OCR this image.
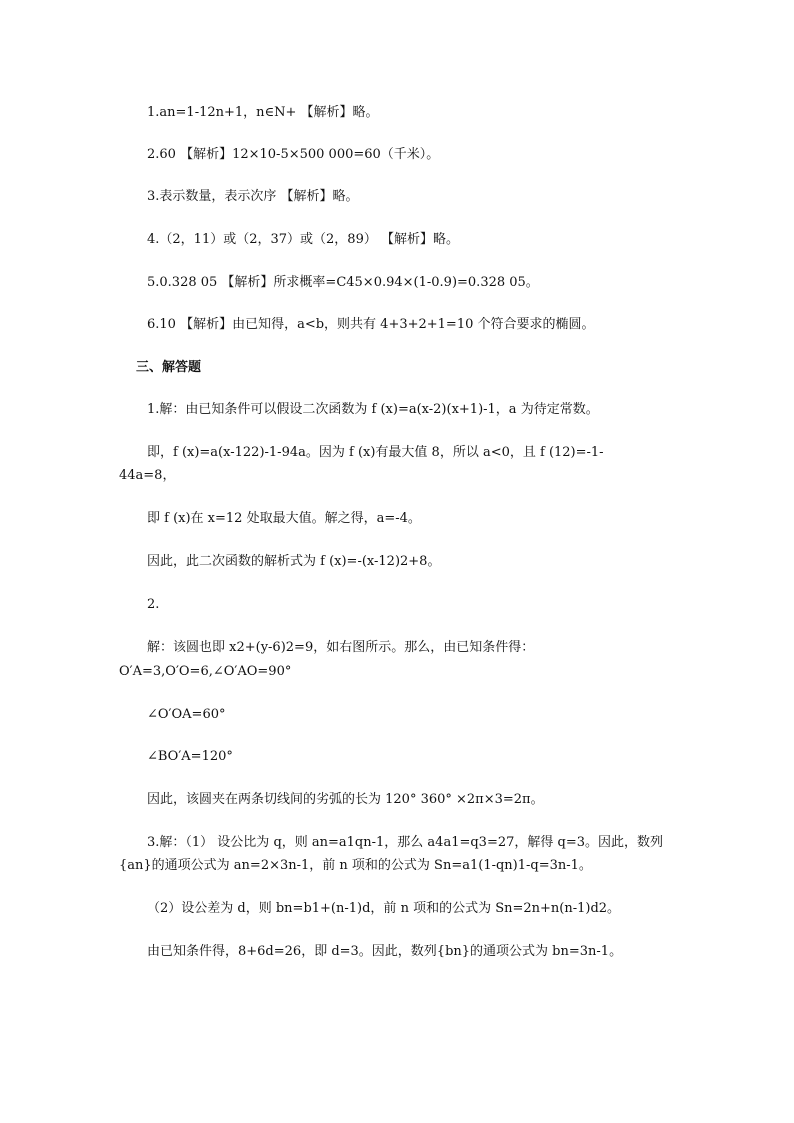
1.an=1-12n+1，n∈N+ 【解析】略。
2.60 【解析】12×10-5×500 000=60（千米）。
3.表示数量，表示次序 【解析】略。
4.（2，11）或（2，37）或（2，89） 【解析】略。
5.0.328 05 【解析】所求概率=C45×0.94×(1-0.9)=0.328 05。
6.10 【解析】由已知得，a<b，则共有 4+3+2+1=10 个符合要求的椭圆。
三、解答题
1.解：由已知条件可以假设二次函数为 f (x)=a(x-2)(x+1)-1，a 为待定常数。
即，f (x)=a(x-122)-1-94a。因为 f (x)有最大值 8，所以 a<0，且 f (12)=-1-
44a=8，
即 f (x)在 x=12 处取最大值。解之得，a=-4。
因此，此二次函数的解析式为 f (x)=-(x-12)2+8。
2.
解：该圆也即 x2+(y-6)2=9，如右图所示。那么，由已知条件得：
O′A=3,O′O=6,∠O′AO=90°
∠O′OA=60°
∠BO′A=120°
因此，该圆夹在两条切线间的劣弧的长为 120° 360° ×2π×3=2π。
3.解：（1） 设公比为 q，则 an=a1qn-1，那么 a4a1=q3=27，解得 q=3。因此，数列
{an}的通项公式为 an=2×3n-1，前 n 项和的公式为 Sn=a1(1-qn)1-q=3n-1。
（2）设公差为 d，则 bn=b1+(n-1)d，前 n 项和的公式为 Sn=2n+n(n-1)d2。
由已知条件得，8+6d=26，即 d=3。因此，数列{bn}的通项公式为 bn=3n-1。
